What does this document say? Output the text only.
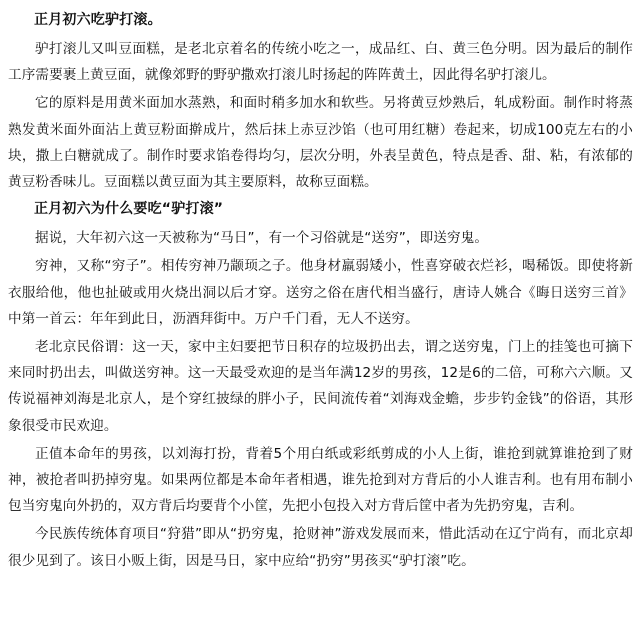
正月初六吃驴打滚。

驴打滚儿又叫豆面糕，是老北京着名的传统小吃之一，成品红、白、黄三色分明。因为最后的制作工序需要裹上黄豆面，就像郊野的野驴撒欢打滚儿时扬起的阵阵黄土，因此得名驴打滚儿。

它的原料是用黄米面加水蒸熟，和面时稍多加水和软些。另将黄豆炒熟后，轧成粉面。制作时将蒸熟发黄米面外面沾上黄豆粉面擀成片，然后抹上赤豆沙馅（也可用红糖）卷起来，切成100克左右的小块，撒上白糖就成了。制作时要求馅卷得均匀，层次分明，外表呈黄色，特点是香、甜、粘，有浓郁的黄豆粉香味儿。豆面糕以黄豆面为其主要原料，故称豆面糕。

正月初六为什么要吃“驴打滚”

据说，大年初六这一天被称为“马日”，有一个习俗就是“送穷”，即送穷鬼。

穷神，又称“穷子”。相传穷神乃颛顼之子。他身材羸弱矮小，性喜穿破衣烂衫，喝稀饭。即使将新衣服给他，他也扯破或用火烧出洞以后才穿。送穷之俗在唐代相当盛行，唐诗人姚合《晦日送穷三首》中第一首云：年年到此日，沥酒拜街中。万户千门看，无人不送穷。

老北京民俗谓：这一天，家中主妇要把节日积存的垃圾扔出去，谓之送穷鬼，门上的挂笺也可摘下来同时扔出去，叫做送穷神。这一天最受欢迎的是当年满12岁的男孩，12是6的二倍，可称六六顺。又传说福神刘海是北京人，是个穿红披绿的胖小子，民间流传着“刘海戏金蟾，步步钓金钱”的俗语，其形象很受市民欢迎。

正值本命年的男孩，以刘海打扮，背着5个用白纸或彩纸剪成的小人上街，谁抢到就算谁抢到了财神，被抢者叫扔掉穷鬼。如果两位都是本命年者相遇，谁先抢到对方背后的小人谁吉利。也有用布制小包当穷鬼向外扔的，双方背后均要背个小筐，先把小包投入对方背后筐中者为先扔穷鬼，吉利。

今民族传统体育项目“狩猎”即从“扔穷鬼，抢财神”游戏发展而来，惜此活动在辽宁尚有，而北京却很少见到了。该日小贩上街，因是马日，家中应给“扔穷”男孩买“驴打滚”吃。
